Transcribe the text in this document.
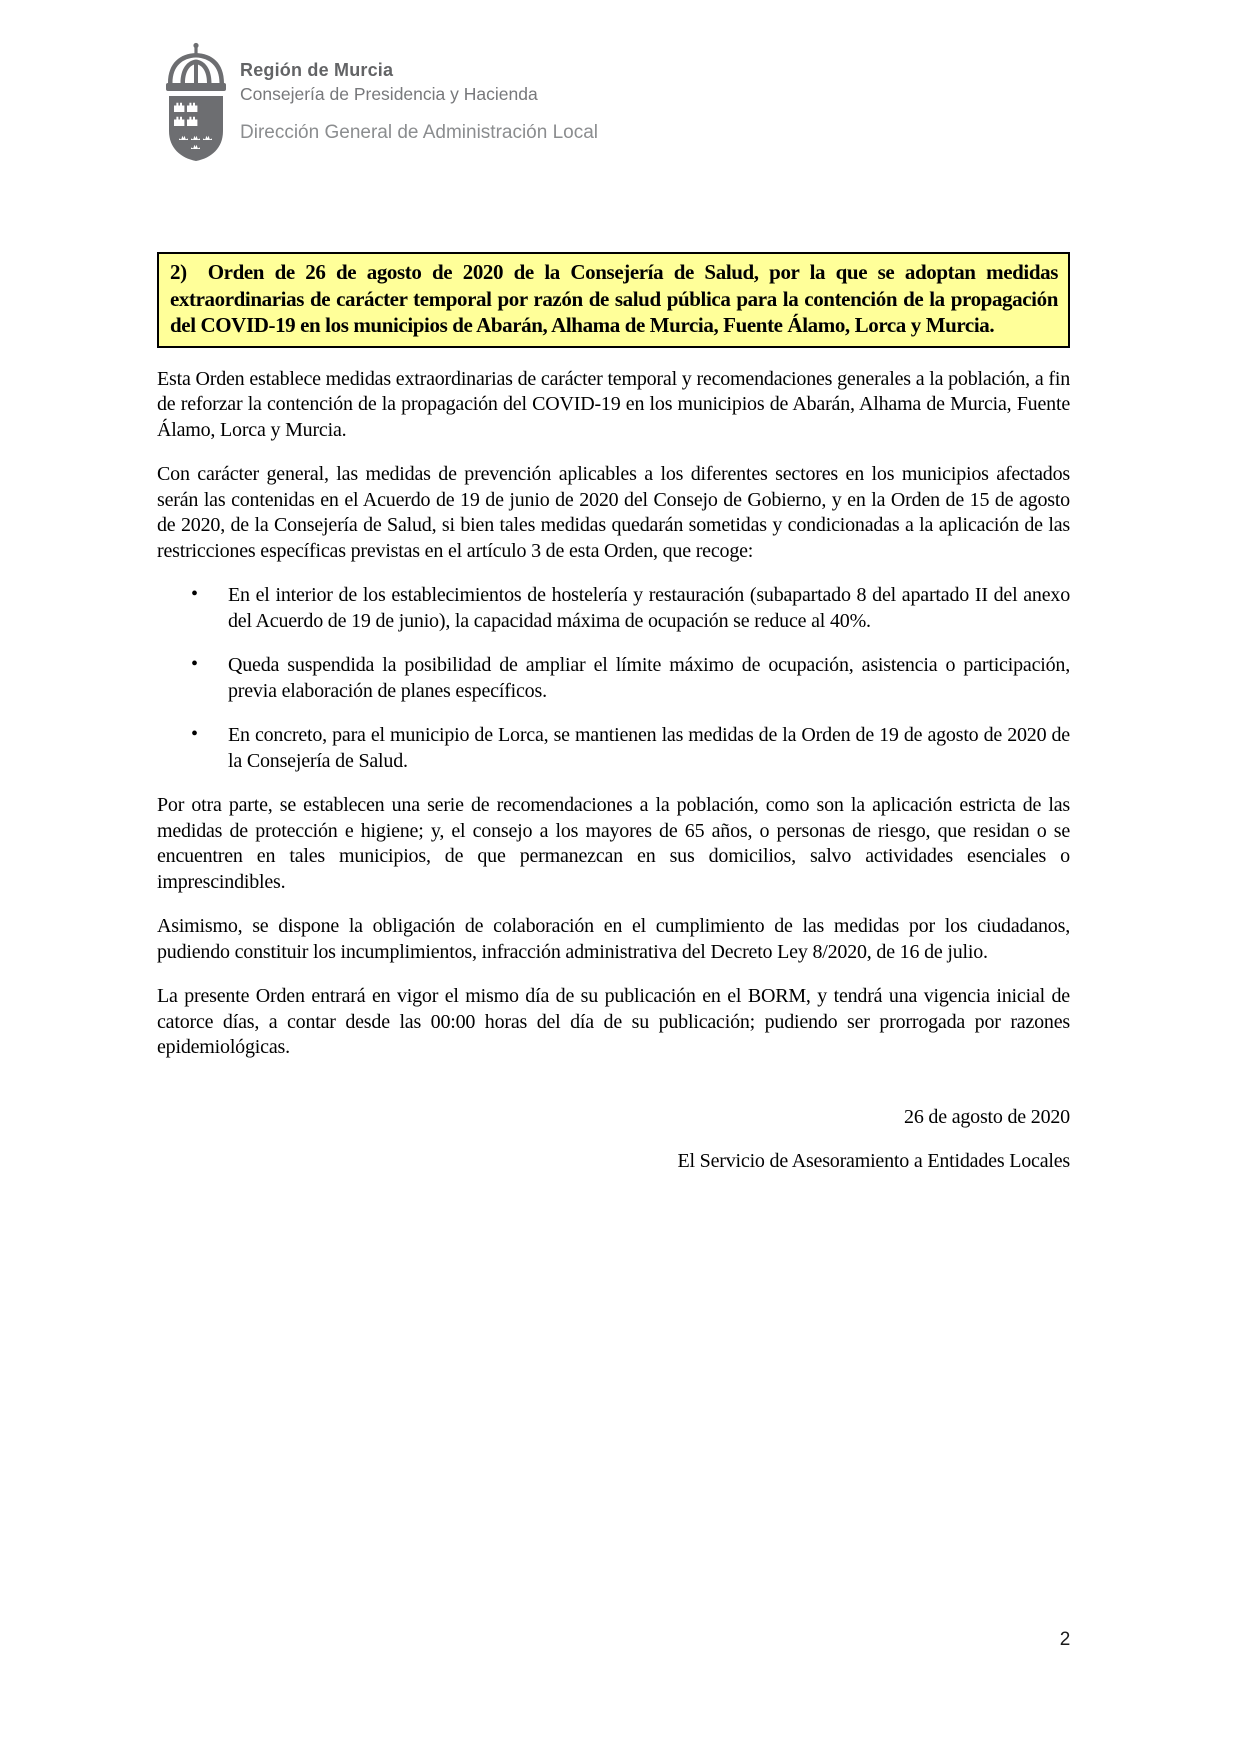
Región de Murcia
Consejería de Presidencia y Hacienda
Dirección General de Administración Local
2)  Orden de 26 de agosto de 2020 de la Consejería de Salud, por la que se adoptan medidas extraordinarias de carácter temporal por razón de salud pública para la contención de la propagación del COVID-19 en los municipios de Abarán, Alhama de Murcia, Fuente Álamo, Lorca y Murcia.

Esta Orden establece medidas extraordinarias de carácter temporal y recomendaciones generales a la población, a fin de reforzar la contención de la propagación del COVID-19 en los municipios de Abarán, Alhama de Murcia, Fuente Álamo, Lorca y Murcia.

Con carácter general, las medidas de prevención aplicables a los diferentes sectores en los municipios afectados serán las contenidas en el Acuerdo de 19 de junio de 2020 del Consejo de Gobierno, y en la Orden de 15 de agosto de 2020, de la Consejería de Salud, si bien tales medidas quedarán sometidas y condicionadas a la aplicación de las restricciones específicas previstas en el artículo 3 de esta Orden, que recoge:

• En el interior de los establecimientos de hostelería y restauración (subapartado 8 del apartado II del anexo del Acuerdo de 19 de junio), la capacidad máxima de ocupación se reduce al 40%.
• Queda suspendida la posibilidad de ampliar el límite máximo de ocupación, asistencia o participación, previa elaboración de planes específicos.
• En concreto, para el municipio de Lorca, se mantienen las medidas de la Orden de 19 de agosto de 2020 de la Consejería de Salud.

Por otra parte, se establecen una serie de recomendaciones a la población, como son la aplicación estricta de las medidas de protección e higiene; y, el consejo a los mayores de 65 años, o personas de riesgo, que residan o se encuentren en tales municipios, de que permanezcan en sus domicilios, salvo actividades esenciales o imprescindibles.

Asimismo, se dispone la obligación de colaboración en el cumplimiento de las medidas por los ciudadanos, pudiendo constituir los incumplimientos, infracción administrativa del Decreto Ley 8/2020, de 16 de julio.

La presente Orden entrará en vigor el mismo día de su publicación en el BORM, y tendrá una vigencia inicial de catorce días, a contar desde las 00:00 horas del día de su publicación; pudiendo ser prorrogada por razones epidemiológicas.

26 de agosto de 2020
El Servicio de Asesoramiento a Entidades Locales
2
